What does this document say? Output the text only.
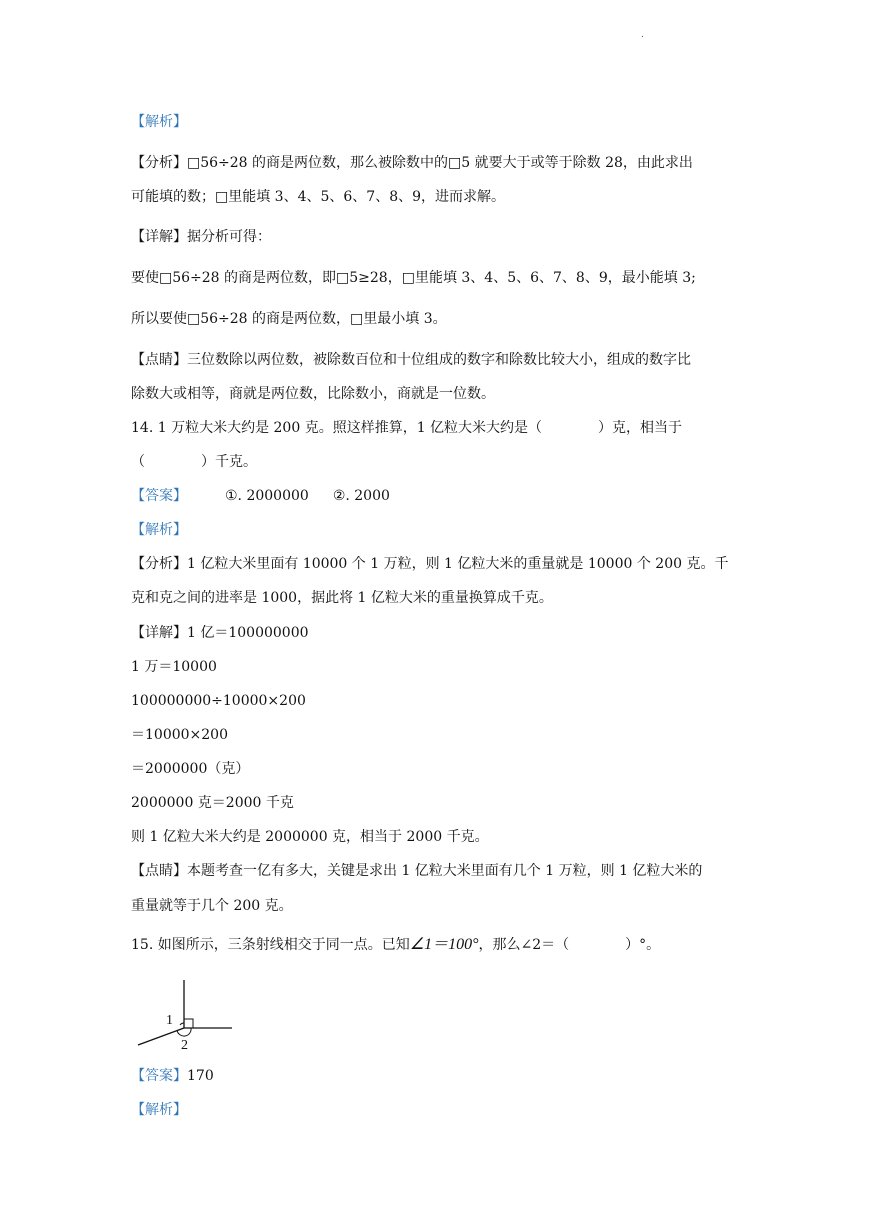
.
【解析】
【分析】□56÷28 的商是两位数，那么被除数中的□5 就要大于或等于除数 28，由此求出
可能填的数；□里能填 3、4、5、6、7、8、9，进而求解。
【详解】据分析可得：
要使□56÷28 的商是两位数，即□5≥28，□里能填 3、4、5、6、7、8、9，最小能填 3;
所以要使□56÷28 的商是两位数，□里最小填 3。
【点睛】三位数除以两位数，被除数百位和十位组成的数字和除数比较大小，组成的数字比
除数大或相等，商就是两位数，比除数小，商就是一位数。
14. 1 万粒大米大约是 200 克。照这样推算，1 亿粒大米大约是（　　　　）克，相当于
（　　　　）千克。
【答案】	①. 2000000 ②. 2000
【解析】
【分析】1 亿粒大米里面有 10000 个 1 万粒，则 1 亿粒大米的重量就是 10000 个 200 克。千
克和克之间的进率是 1000，据此将 1 亿粒大米的重量换算成千克。
【详解】1 亿＝100000000
1 万＝10000
100000000÷10000×200
＝10000×200
＝2000000（克）
2000000 克＝2000 千克
则 1 亿粒大米大约是 2000000 克，相当于 2000 千克。
【点睛】本题考查一亿有多大，关键是求出 1 亿粒大米里面有几个 1 万粒，则 1 亿粒大米的
重量就等于几个 200 克。
15. 如图所示，三条射线相交于同一点。已知∠1＝100°，那么∠2＝（　　　　）°。
1
2
【答案】170
【解析】
